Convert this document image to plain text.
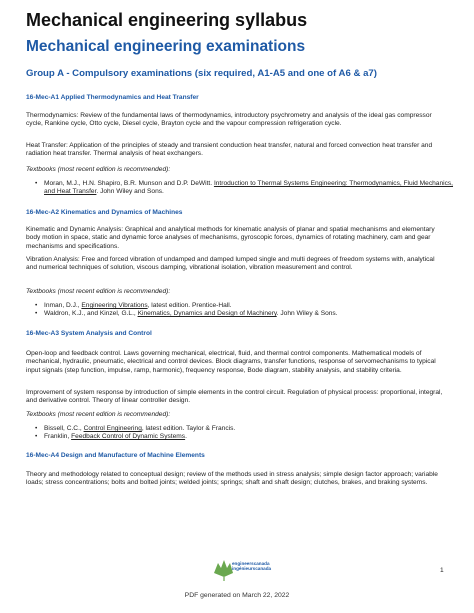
Mechanical engineering syllabus
Mechanical engineering examinations
Group A - Compulsory examinations (six required, A1-A5 and one of A6 & a7)
16-Mec-A1 Applied Thermodynamics and Heat Transfer
Thermodynamics: Review of the fundamental laws of thermodynamics, introductory psychrometry and analysis of the ideal gas compressor cycle, Rankine cycle, Otto cycle, Diesel cycle, Brayton cycle and the vapour compression refrigeration cycle.
Heat Transfer: Application of the principles of steady and transient conduction heat transfer, natural and forced convection heat transfer and radiation heat transfer. Thermal analysis of heat exchangers.
Textbooks (most recent edition is recommended):
• Moran, M.J., H.N. Shapiro, B.R. Munson and D.P. DeWitt. Introduction to Thermal Systems Engineering: Thermodynamics, Fluid Mechanics, and Heat Transfer. John Wiley and Sons.
16-Mec-A2 Kinematics and Dynamics of Machines
Kinematic and Dynamic Analysis: Graphical and analytical methods for kinematic analysis of planar and spatial mechanisms and elementary body motion in space, static and dynamic force analyses of mechanisms, gyroscopic forces, dynamics of rotating machinery, cam and gear mechanisms and specifications.
Vibration Analysis: Free and forced vibration of undamped and damped lumped single and multi degrees of freedom systems with, analytical and numerical techniques of solution, viscous damping, vibrational isolation, vibration measurement and control.
Textbooks (most recent edition is recommended):
• Inman, D.J., Engineering Vibrations, latest edition. Prentice-Hall.
• Waldron, K.J., and Kinzel, G.L., Kinematics, Dynamics and Design of Machinery. John Wiley & Sons.
16-Mec-A3 System Analysis and Control
Open-loop and feedback control. Laws governing mechanical, electrical, fluid, and thermal control components. Mathematical models of mechanical, hydraulic, pneumatic, electrical and control devices. Block diagrams, transfer functions, response of servomechanisms to typical input signals (step function, impulse, ramp, harmonic), frequency response, Bode diagram, stability analysis, and stability criteria.
Improvement of system response by introduction of simple elements in the control circuit. Regulation of physical process: proportional, integral, and derivative control. Theory of linear controller design.
Textbooks (most recent edition is recommended):
• Bissell, C.C., Control Engineering, latest edition. Taylor & Francis.
• Franklin, Feedback Control of Dynamic Systems.
16-Mec-A4 Design and Manufacture of Machine Elements
Theory and methodology related to conceptual design; review of the methods used in stress analysis; simple design factor approach; variable loads; stress concentrations; bolts and bolted joints; welded joints; springs; shaft and shaft design; clutches, brakes, and braking systems.
1
engineerscanada
ingénieurscanada
PDF generated on March 22, 2022
